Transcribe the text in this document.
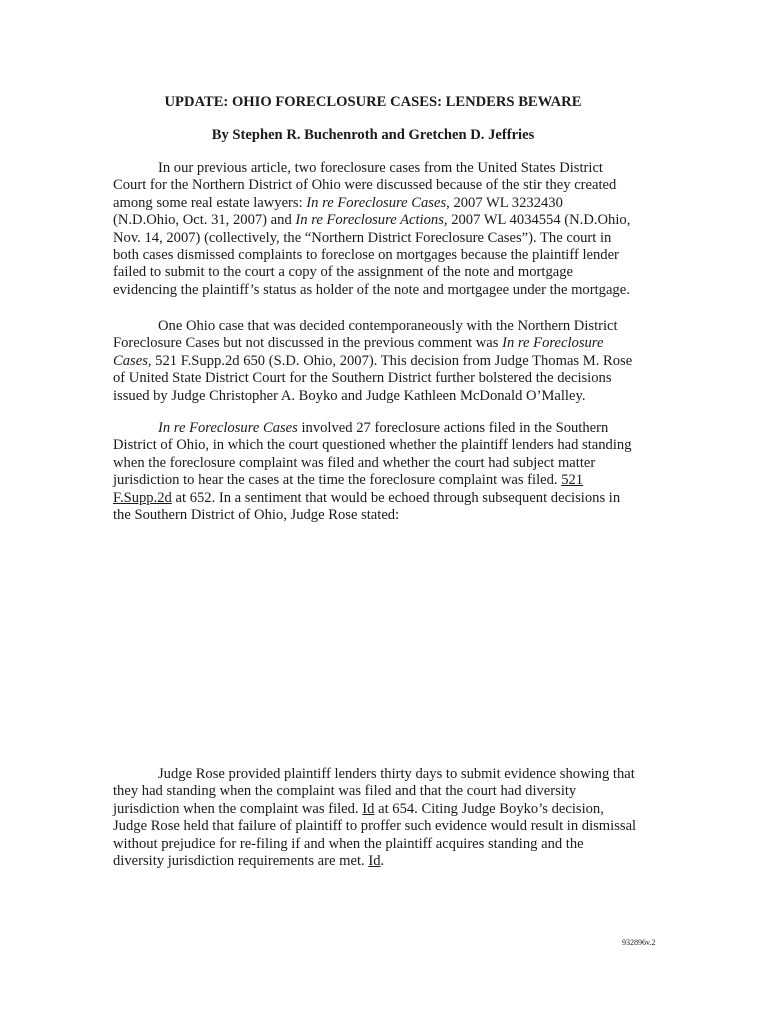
UPDATE: OHIO FORECLOSURE CASES: LENDERS BEWARE
By Stephen R. Buchenroth and Gretchen D. Jeffries
In our previous article, two foreclosure cases from the United States District
Court for the Northern District of Ohio were discussed because of the stir they created
among some real estate lawyers: In re Foreclosure Cases, 2007 WL 3232430
(N.D.Ohio, Oct. 31, 2007) and In re Foreclosure Actions, 2007 WL 4034554 (N.D.Ohio,
Nov. 14, 2007) (collectively, the “Northern District Foreclosure Cases”). The court in
both cases dismissed complaints to foreclose on mortgages because the plaintiff lender
failed to submit to the court a copy of the assignment of the note and mortgage
evidencing the plaintiff’s status as holder of the note and mortgagee under the mortgage.
One Ohio case that was decided contemporaneously with the Northern District
Foreclosure Cases but not discussed in the previous comment was In re Foreclosure
Cases, 521 F.Supp.2d 650 (S.D. Ohio, 2007). This decision from Judge Thomas M. Rose
of United State District Court for the Southern District further bolstered the decisions
issued by Judge Christopher A. Boyko and Judge Kathleen McDonald O’Malley.
In re Foreclosure Cases involved 27 foreclosure actions filed in the Southern
District of Ohio, in which the court questioned whether the plaintiff lenders had standing
when the foreclosure complaint was filed and whether the court had subject matter
jurisdiction to hear the cases at the time the foreclosure complaint was filed. 521
F.Supp.2d at 652. In a sentiment that would be echoed through subsequent decisions in
the Southern District of Ohio, Judge Rose stated:
Judge Rose provided plaintiff lenders thirty days to submit evidence showing that
they had standing when the complaint was filed and that the court had diversity
jurisdiction when the complaint was filed. Id at 654. Citing Judge Boyko’s decision,
Judge Rose held that failure of plaintiff to proffer such evidence would result in dismissal
without prejudice for re-filing if and when the plaintiff acquires standing and the
diversity jurisdiction requirements are met. Id.
932896v.2
